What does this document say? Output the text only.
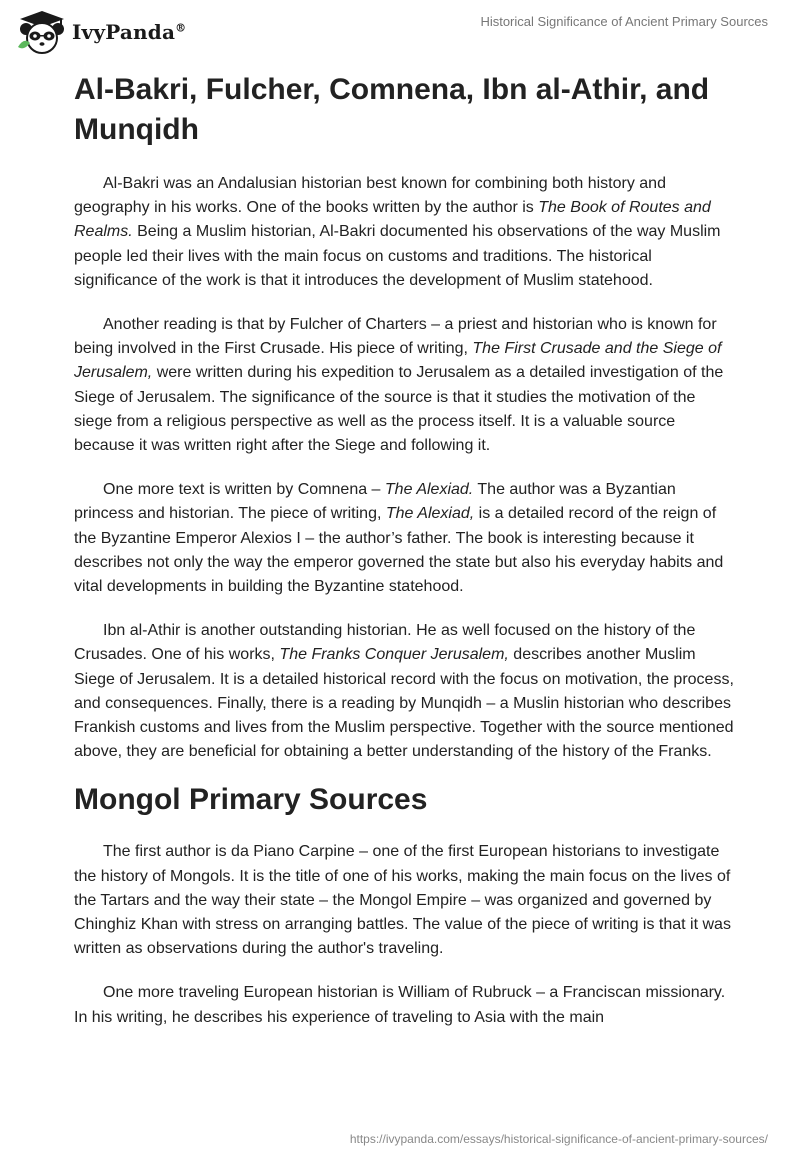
IvyPanda®	Historical Significance of Ancient Primary Sources
Al-Bakri, Fulcher, Comnena, Ibn al-Athir, and Munqidh

Al-Bakri was an Andalusian historian best known for combining both history and geography in his works. One of the books written by the author is The Book of Routes and Realms. Being a Muslim historian, Al-Bakri documented his observations of the way Muslim people led their lives with the main focus on customs and traditions. The historical significance of the work is that it introduces the development of Muslim statehood.

Another reading is that by Fulcher of Charters – a priest and historian who is known for being involved in the First Crusade. His piece of writing, The First Crusade and the Siege of Jerusalem, were written during his expedition to Jerusalem as a detailed investigation of the Siege of Jerusalem. The significance of the source is that it studies the motivation of the siege from a religious perspective as well as the process itself. It is a valuable source because it was written right after the Siege and following it.

One more text is written by Comnena – The Alexiad. The author was a Byzantian princess and historian. The piece of writing, The Alexiad, is a detailed record of the reign of the Byzantine Emperor Alexios I – the author’s father. The book is interesting because it describes not only the way the emperor governed the state but also his everyday habits and vital developments in building the Byzantine statehood.

Ibn al-Athir is another outstanding historian. He as well focused on the history of the Crusades. One of his works, The Franks Conquer Jerusalem, describes another Muslim Siege of Jerusalem. It is a detailed historical record with the focus on motivation, the process, and consequences. Finally, there is a reading by Munqidh – a Muslin historian who describes Frankish customs and lives from the Muslim perspective. Together with the source mentioned above, they are beneficial for obtaining a better understanding of the history of the Franks.

Mongol Primary Sources

The first author is da Piano Carpine – one of the first European historians to investigate the history of Mongols. It is the title of one of his works, making the main focus on the lives of the Tartars and the way their state – the Mongol Empire – was organized and governed by Chinghiz Khan with stress on arranging battles. The value of the piece of writing is that it was written as observations during the author's traveling.

One more traveling European historian is William of Rubruck – a Franciscan missionary. In his writing, he describes his experience of traveling to Asia with the main

https://ivypanda.com/essays/historical-significance-of-ancient-primary-sources/
